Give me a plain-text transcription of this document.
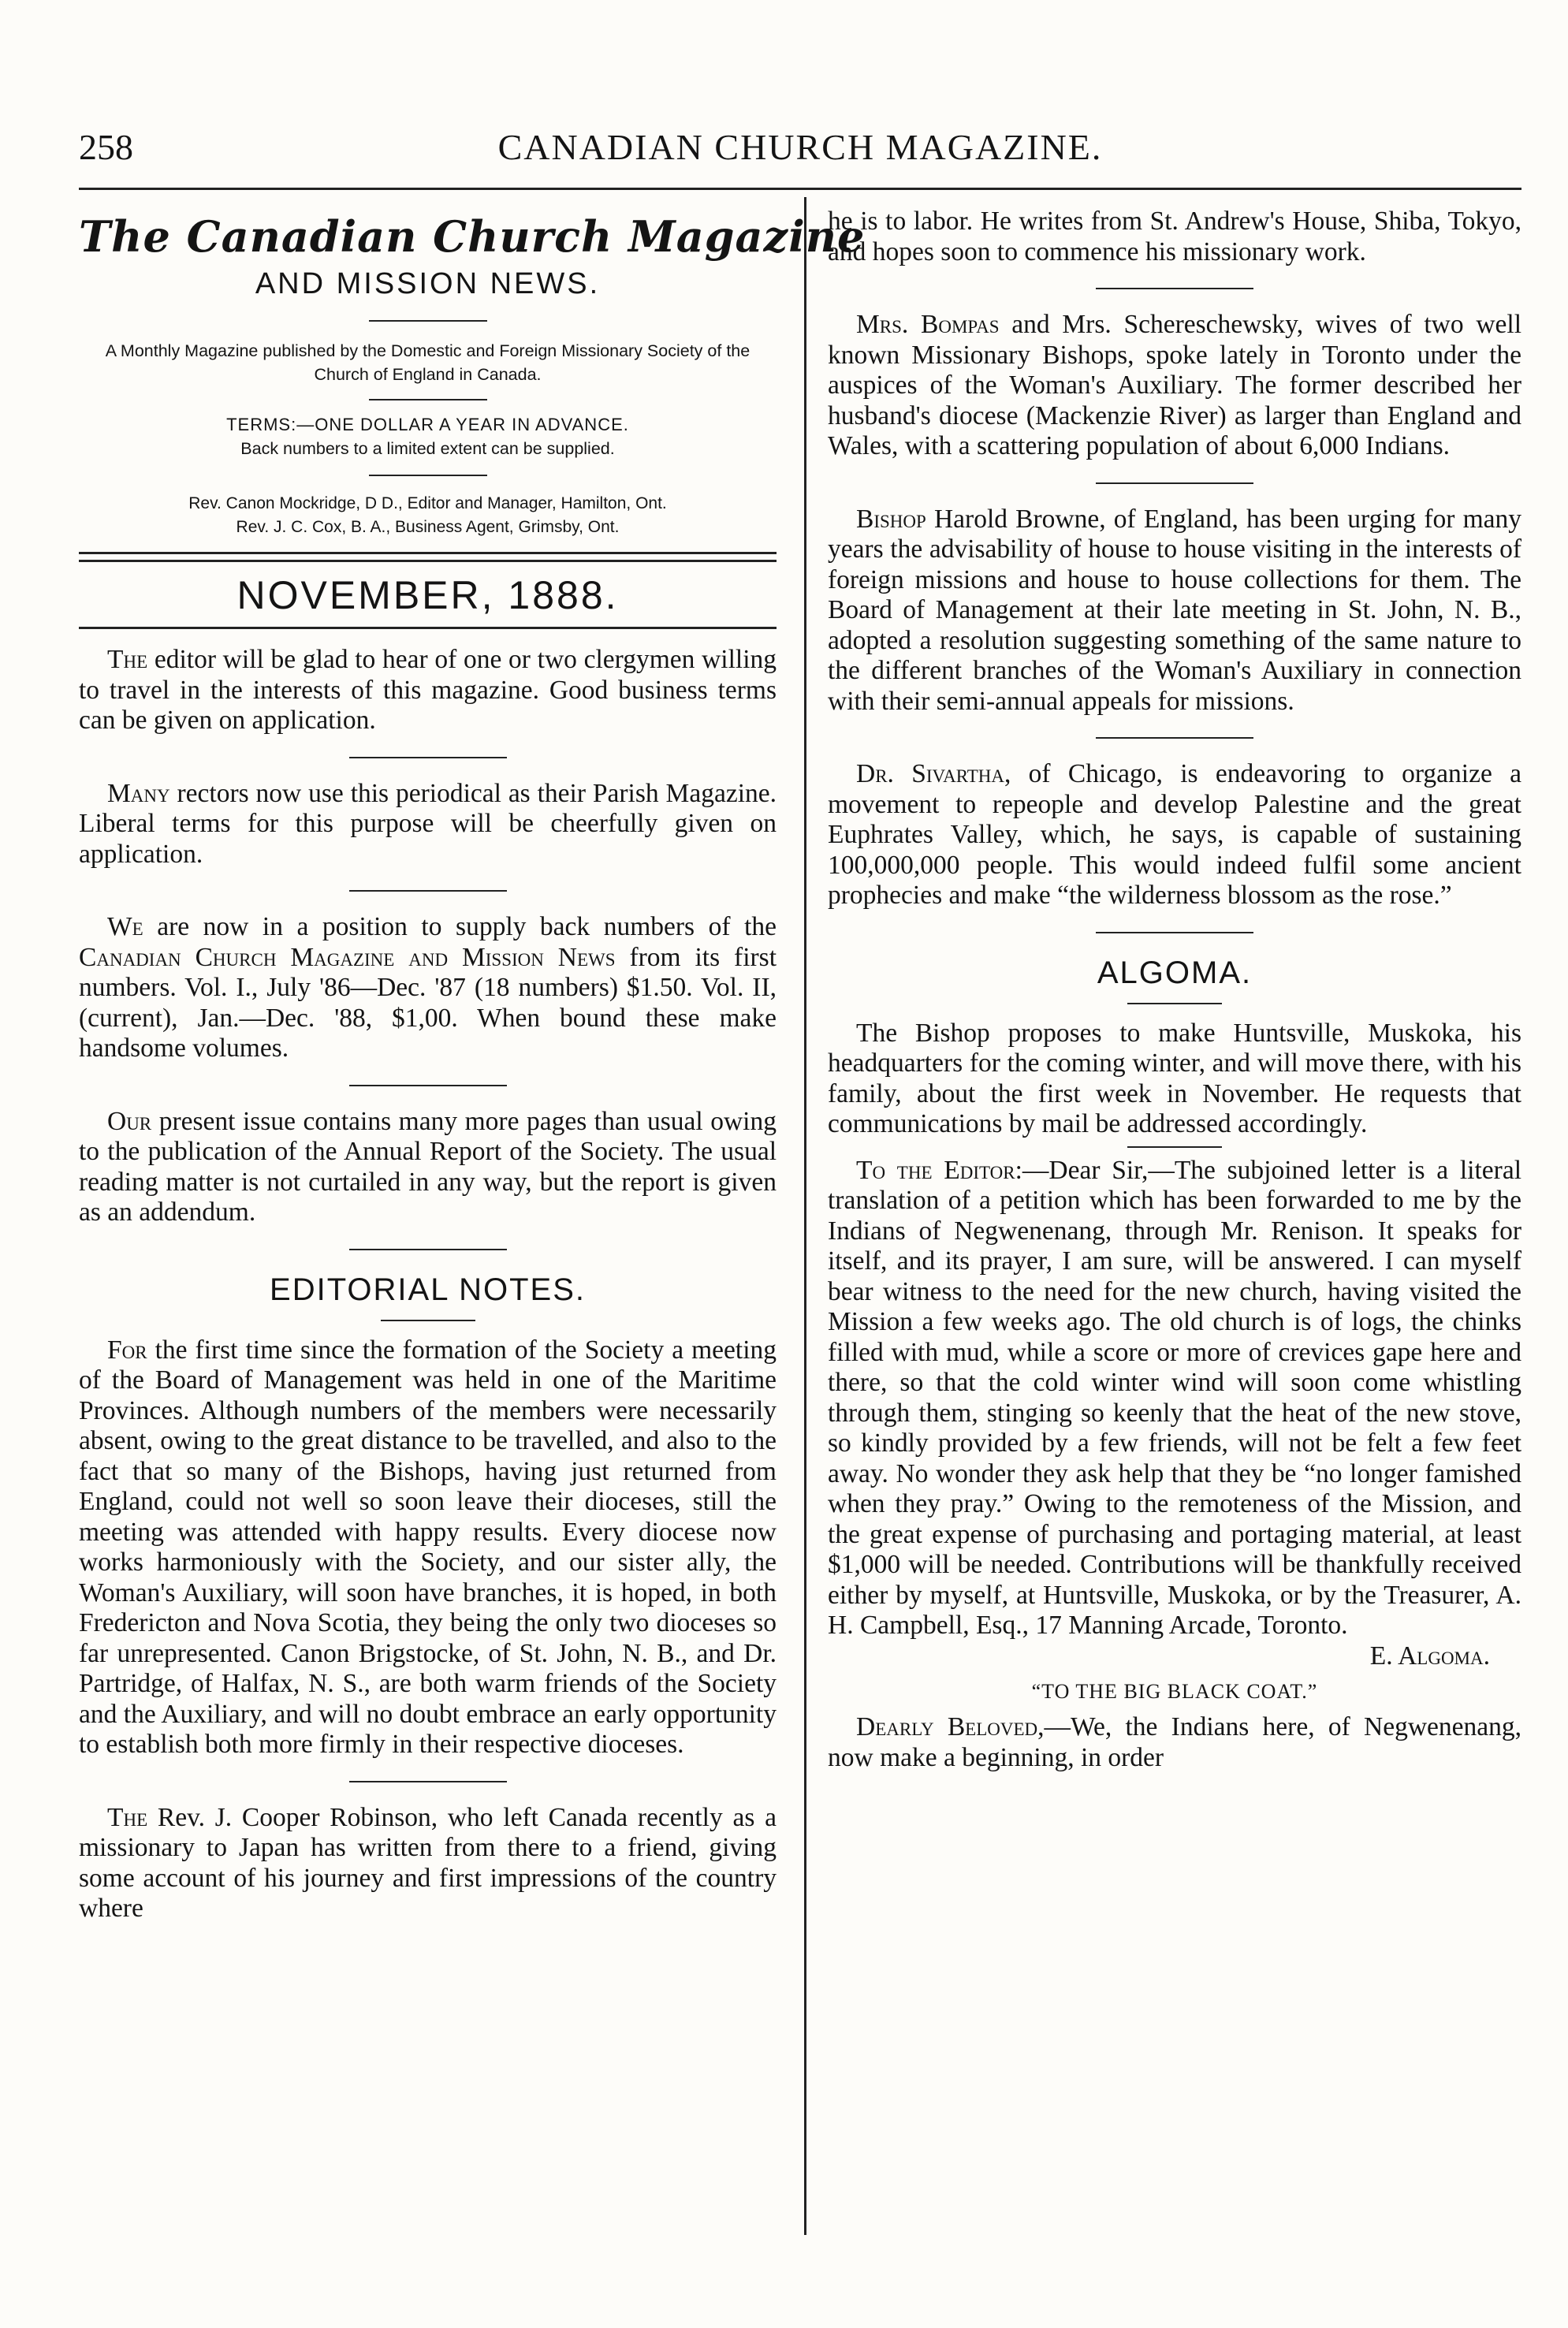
258	CANADIAN CHURCH MAGAZINE.
The Canadian Church Magazine
AND MISSION NEWS.
A Monthly Magazine published by the Domestic and Foreign Missionary Society of the Church of England in Canada.
TERMS:—ONE DOLLAR A YEAR IN ADVANCE.
Back numbers to a limited extent can be supplied.
Rev. Canon Mockridge, D D., Editor and Manager, Hamilton, Ont.
Rev. J. C. Cox, B. A., Business Agent, Grimsby, Ont.
NOVEMBER, 1888.

The editor will be glad to hear of one or two clergymen willing to travel in the interests of this magazine. Good business terms can be given on application.

Many rectors now use this periodical as their Parish Magazine. Liberal terms for this purpose will be cheerfully given on application.

We are now in a position to supply back numbers of the Canadian Church Magazine and Mission News from its first numbers. Vol. I., July '86—Dec. '87 (18 numbers) $1.50. Vol. II, (current), Jan.—Dec. '88, $1,00. When bound these make handsome volumes.

Our present issue contains many more pages than usual owing to the publication of the Annual Report of the Society. The usual reading matter is not curtailed in any way, but the report is given as an addendum.

EDITORIAL NOTES.

For the first time since the formation of the Society a meeting of the Board of Management was held in one of the Maritime Provinces. Although numbers of the members were necessarily absent, owing to the great distance to be travelled, and also to the fact that so many of the Bishops, having just returned from England, could not well so soon leave their dioceses, still the meeting was attended with happy results. Every diocese now works harmoniously with the Society, and our sister ally, the Woman's Auxiliary, will soon have branches, it is hoped, in both Fredericton and Nova Scotia, they being the only two dioceses so far unrepresented. Canon Brigstocke, of St. John, N. B., and Dr. Partridge, of Halfax, N. S., are both warm friends of the Society and the Auxiliary, and will no doubt embrace an early opportunity to establish both more firmly in their respective dioceses.

The Rev. J. Cooper Robinson, who left Canada recently as a missionary to Japan has written from there to a friend, giving some account of his journey and first impressions of the country where

he is to labor. He writes from St. Andrew's House, Shiba, Tokyo, and hopes soon to commence his missionary work.

Mrs. Bompas and Mrs. Schereschewsky, wives of two well known Missionary Bishops, spoke lately in Toronto under the auspices of the Woman's Auxiliary. The former described her husband's diocese (Mackenzie River) as larger than England and Wales, with a scattering population of about 6,000 Indians.

Bishop Harold Browne, of England, has been urging for many years the advisability of house to house visiting in the interests of foreign missions and house to house collections for them. The Board of Management at their late meeting in St. John, N. B., adopted a resolution suggesting something of the same nature to the different branches of the Woman's Auxiliary in connection with their semi-annual appeals for missions.

Dr. Sivartha, of Chicago, is endeavoring to organize a movement to repeople and develop Palestine and the great Euphrates Valley, which, he says, is capable of sustaining 100,000,000 people. This would indeed fulfil some ancient prophecies and make “the wilderness blossom as the rose.”

ALGOMA.

The Bishop proposes to make Huntsville, Muskoka, his headquarters for the coming winter, and will move there, with his family, about the first week in November. He requests that communications by mail be addressed accordingly.

To the Editor:—Dear Sir,—The subjoined letter is a literal translation of a petition which has been forwarded to me by the Indians of Negwenenang, through Mr. Renison. It speaks for itself, and its prayer, I am sure, will be answered. I can myself bear witness to the need for the new church, having visited the Mission a few weeks ago. The old church is of logs, the chinks filled with mud, while a score or more of crevices gape here and there, so that the cold winter wind will soon come whistling through them, stinging so keenly that the heat of the new stove, so kindly provided by a few friends, will not be felt a few feet away. No wonder they ask help that they be “no longer famished when they pray.” Owing to the remoteness of the Mission, and the great expense of purchasing and portaging material, at least $1,000 will be needed. Contributions will be thankfully received either by myself, at Huntsville, Muskoka, or by the Treasurer, A. H. Campbell, Esq., 17 Manning Arcade, Toronto.

E. Algoma.
“TO THE BIG BLACK COAT.”

Dearly Beloved,—We, the Indians here, of Negwenenang, now make a beginning, in order
